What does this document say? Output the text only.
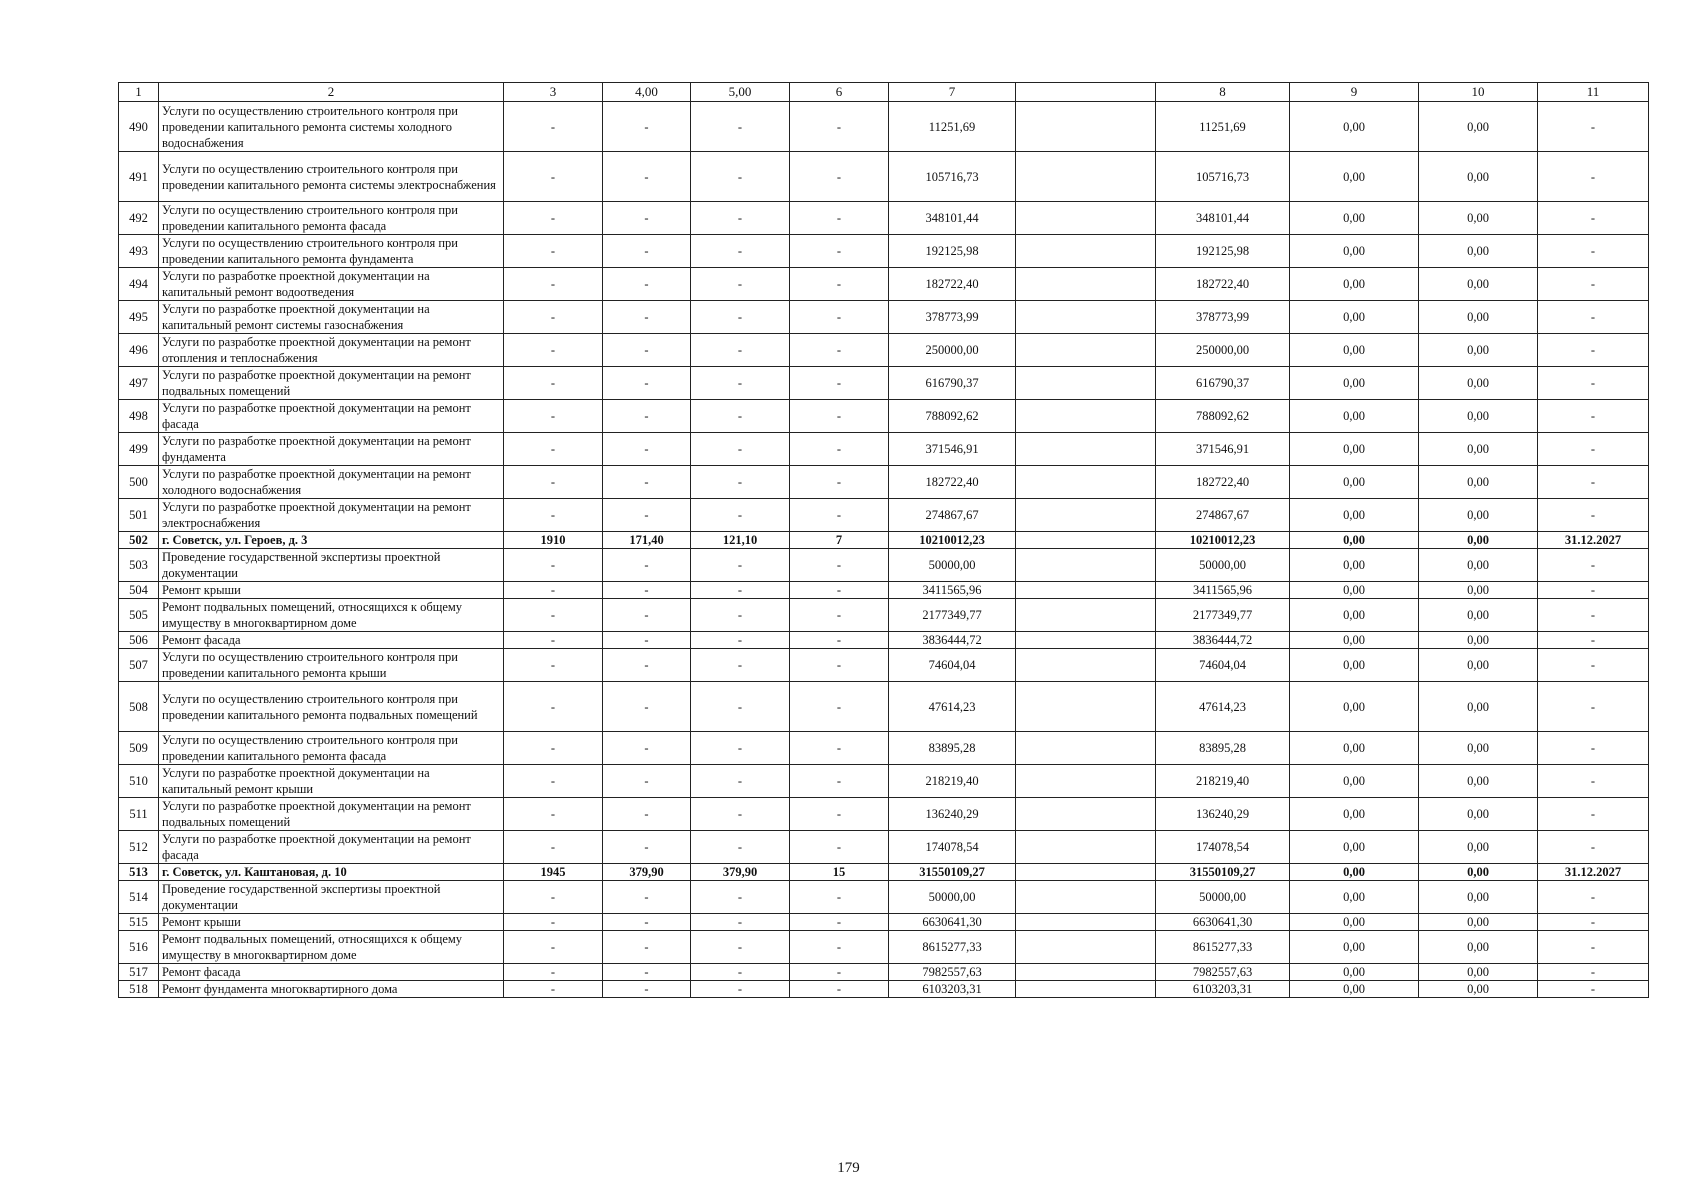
1	2	3	4,00	5,00	6	7		8	9	10	11
490	Услуги по осуществлению строительного контроля при проведении капитального ремонта системы холодного водоснабжения	-	-	-	-	11251,69		11251,69	0,00	0,00	-
491	Услуги по осуществлению строительного контроля при проведении капитального ремонта системы электроснабжения	-	-	-	-	105716,73		105716,73	0,00	0,00	-
492	Услуги по осуществлению строительного контроля при проведении капитального ремонта фасада	-	-	-	-	348101,44		348101,44	0,00	0,00	-
493	Услуги по осуществлению строительного контроля при проведении капитального ремонта фундамента	-	-	-	-	192125,98		192125,98	0,00	0,00	-
494	Услуги по разработке проектной документации на капитальный ремонт водоотведения	-	-	-	-	182722,40		182722,40	0,00	0,00	-
495	Услуги по разработке проектной документации на капитальный ремонт системы газоснабжения	-	-	-	-	378773,99		378773,99	0,00	0,00	-
496	Услуги по разработке проектной документации на ремонт отопления и теплоснабжения	-	-	-	-	250000,00		250000,00	0,00	0,00	-
497	Услуги по разработке проектной документации на ремонт подвальных помещений	-	-	-	-	616790,37		616790,37	0,00	0,00	-
498	Услуги по разработке проектной документации на ремонт фасада	-	-	-	-	788092,62		788092,62	0,00	0,00	-
499	Услуги по разработке проектной документации на ремонт фундамента	-	-	-	-	371546,91		371546,91	0,00	0,00	-
500	Услуги по разработке проектной документации на ремонт холодного водоснабжения	-	-	-	-	182722,40		182722,40	0,00	0,00	-
501	Услуги по разработке проектной документации на ремонт электроснабжения	-	-	-	-	274867,67		274867,67	0,00	0,00	-
502	г. Советск, ул. Героев, д. 3	1910	171,40	121,10	7	10210012,23		10210012,23	0,00	0,00	31.12.2027
503	Проведение государственной экспертизы проектной документации	-	-	-	-	50000,00		50000,00	0,00	0,00	-
504	Ремонт крыши	-	-	-	-	3411565,96		3411565,96	0,00	0,00	-
505	Ремонт подвальных помещений, относящихся к общему имуществу в многоквартирном доме	-	-	-	-	2177349,77		2177349,77	0,00	0,00	-
506	Ремонт фасада	-	-	-	-	3836444,72		3836444,72	0,00	0,00	-
507	Услуги по осуществлению строительного контроля при проведении капитального ремонта крыши	-	-	-	-	74604,04		74604,04	0,00	0,00	-
508	Услуги по осуществлению строительного контроля при проведении капитального ремонта подвальных помещений	-	-	-	-	47614,23		47614,23	0,00	0,00	-
509	Услуги по осуществлению строительного контроля при проведении капитального ремонта фасада	-	-	-	-	83895,28		83895,28	0,00	0,00	-
510	Услуги по разработке проектной документации на капитальный ремонт крыши	-	-	-	-	218219,40		218219,40	0,00	0,00	-
511	Услуги по разработке проектной документации на ремонт подвальных помещений	-	-	-	-	136240,29		136240,29	0,00	0,00	-
512	Услуги по разработке проектной документации на ремонт фасада	-	-	-	-	174078,54		174078,54	0,00	0,00	-
513	г. Советск, ул. Каштановая, д. 10	1945	379,90	379,90	15	31550109,27		31550109,27	0,00	0,00	31.12.2027
514	Проведение государственной экспертизы проектной документации	-	-	-	-	50000,00		50000,00	0,00	0,00	-
515	Ремонт крыши	-	-	-	-	6630641,30		6630641,30	0,00	0,00	-
516	Ремонт подвальных помещений, относящихся к общему имуществу в многоквартирном доме	-	-	-	-	8615277,33		8615277,33	0,00	0,00	-
517	Ремонт фасада	-	-	-	-	7982557,63		7982557,63	0,00	0,00	-
518	Ремонт фундамента многоквартирного дома	-	-	-	-	6103203,31		6103203,31	0,00	0,00	-
179
